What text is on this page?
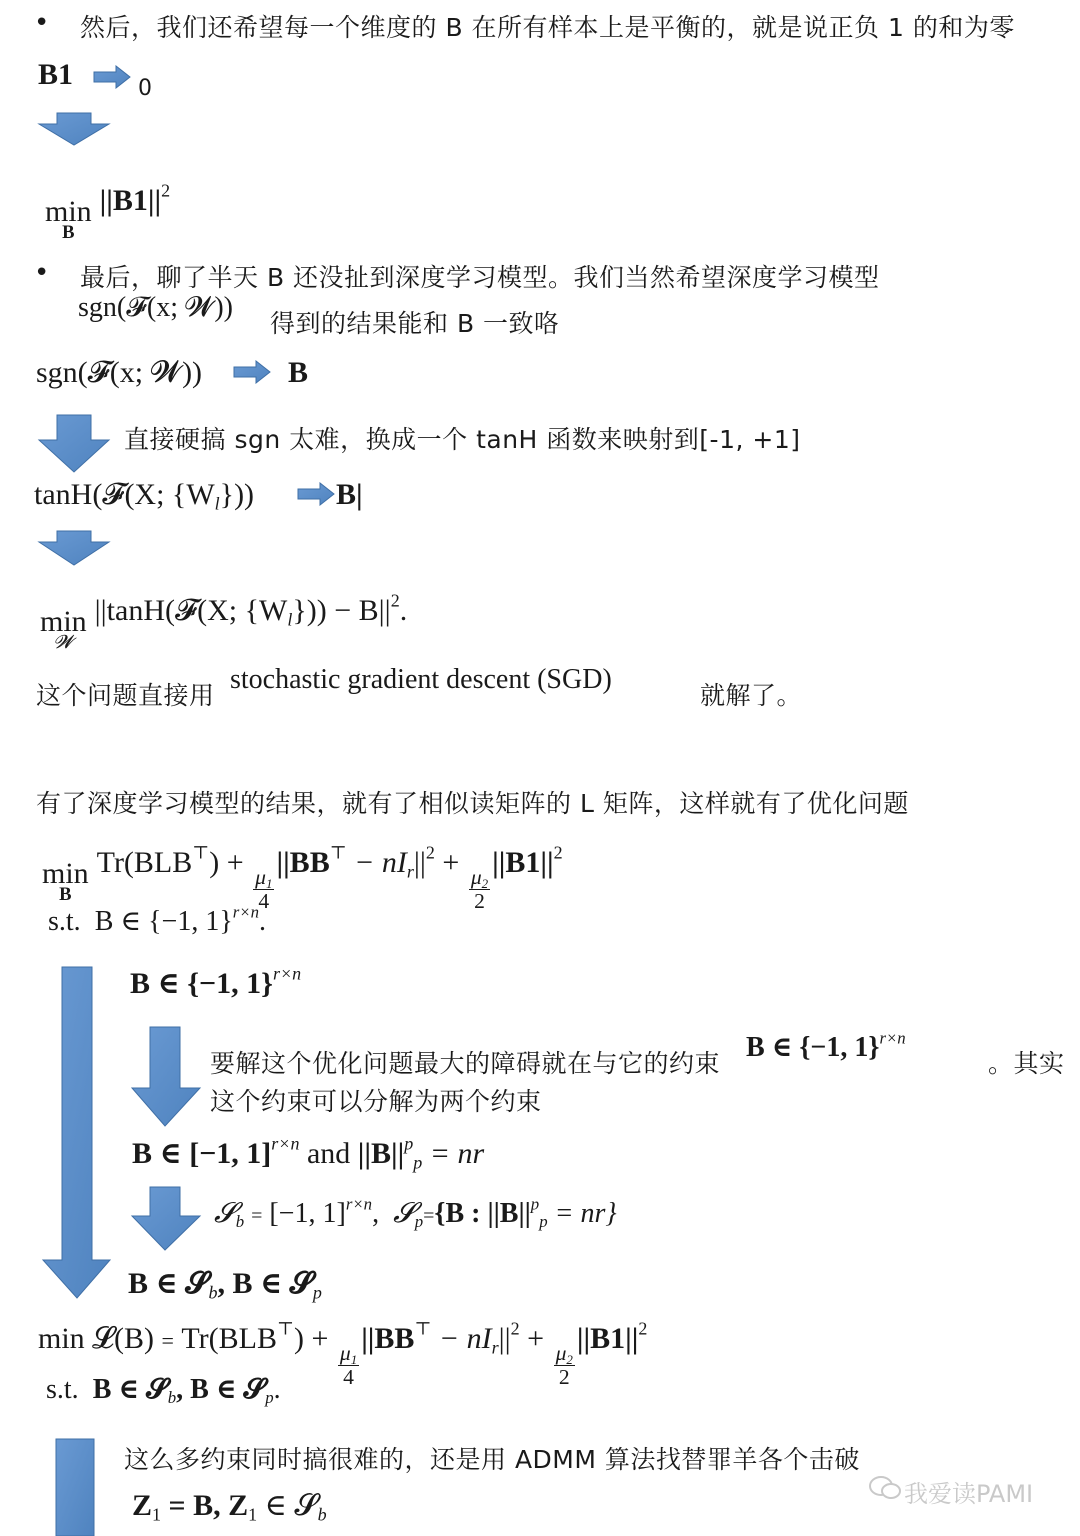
• 然后，我们还希望每一个维度的 B 在所有样本上是平衡的，就是说正负 1 的和为零
B1	0
min
B
$||B1||^2$
• 最后，聊了半天 B 还没扯到深度学习模型。我们当然希望深度学习模型
sgn(𝓕(x; 𝓦))
得到的结果能和 B 一致咯
sgn(𝓕(x; 𝓦))	B
直接硬搞 sgn 太难，换成一个 tanH 函数来映射到[-1, +1]
tanH(𝓕(X; $\{W_l\}$))	B|
min
𝓦
||tanH(𝓕(X; $\{W_l\})) - B||^2$.
这个问题直接用
stochastic gradient descent (SGD)
就解了。
有了深度学习模型的结果，就有了相似读矩阵的 L 矩阵，这样就有了优化问题
min
B
Tr(BLB⊤) +
$\frac{\mu_1}{4}$
$||BB^⊤ - nI_r||^2$ +
$\frac{\mu_2}{2}$
$||B1||^2$
s.t. B ∈ {−1, 1}$^{r\times n}$.
B ∈ {−1, 1}$^{r\times n}$
要解这个优化问题最大的障碍就在与它的约束
B ∈ {−1, 1}$^{r\times n}$
。其实
这个约束可以分解为两个约束
B ∈ [−1, 1]$^{r\times n}$ and $||B||^p_p$ = nr
𝓢$_b$ = [−1, 1]$^{r\times n}$, 𝓢$_p$={B : $||B||^p_p = nr$}
B ∈ 𝓢$_b$, B ∈ 𝓢$_p$
min 𝓛(B) = Tr(BLB⊤) +
$\frac{\mu_1}{4}$
$||BB^⊤ - nI_r||^2$ +
$\frac{\mu_2}{2}$
$||B1||^2$
s.t. B ∈ 𝓢$_b$, B ∈ 𝓢$_p$.
这么多约束同时搞很难的，还是用 ADMM 算法找替罪羊各个击破
$Z_1 = B$, $Z_1$ ∈ 𝓢$_b$
我爱读PAMI
